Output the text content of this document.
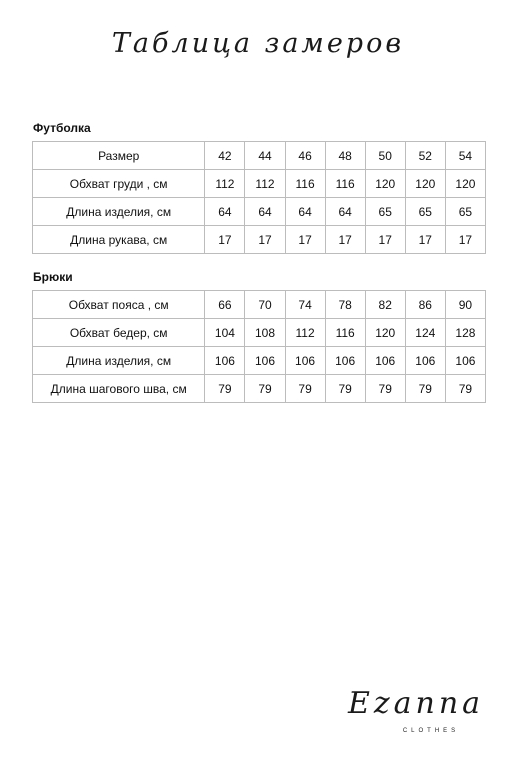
Таблица замеров
Футболка
Размер	42	44	46	48	50	52	54
Обхват груди , см	112	112	116	116	120	120	120
Длина изделия, см	64	64	64	64	65	65	65
Длина рукава, см	17	17	17	17	17	17	17
Брюки
Обхват пояса , см	66	70	74	78	82	86	90
Обхват бедер, см	104	108	112	116	120	124	128
Длина изделия, см	106	106	106	106	106	106	106
Длина шагового шва, см	79	79	79	79	79	79	79
Ezanna
CLOTHES
